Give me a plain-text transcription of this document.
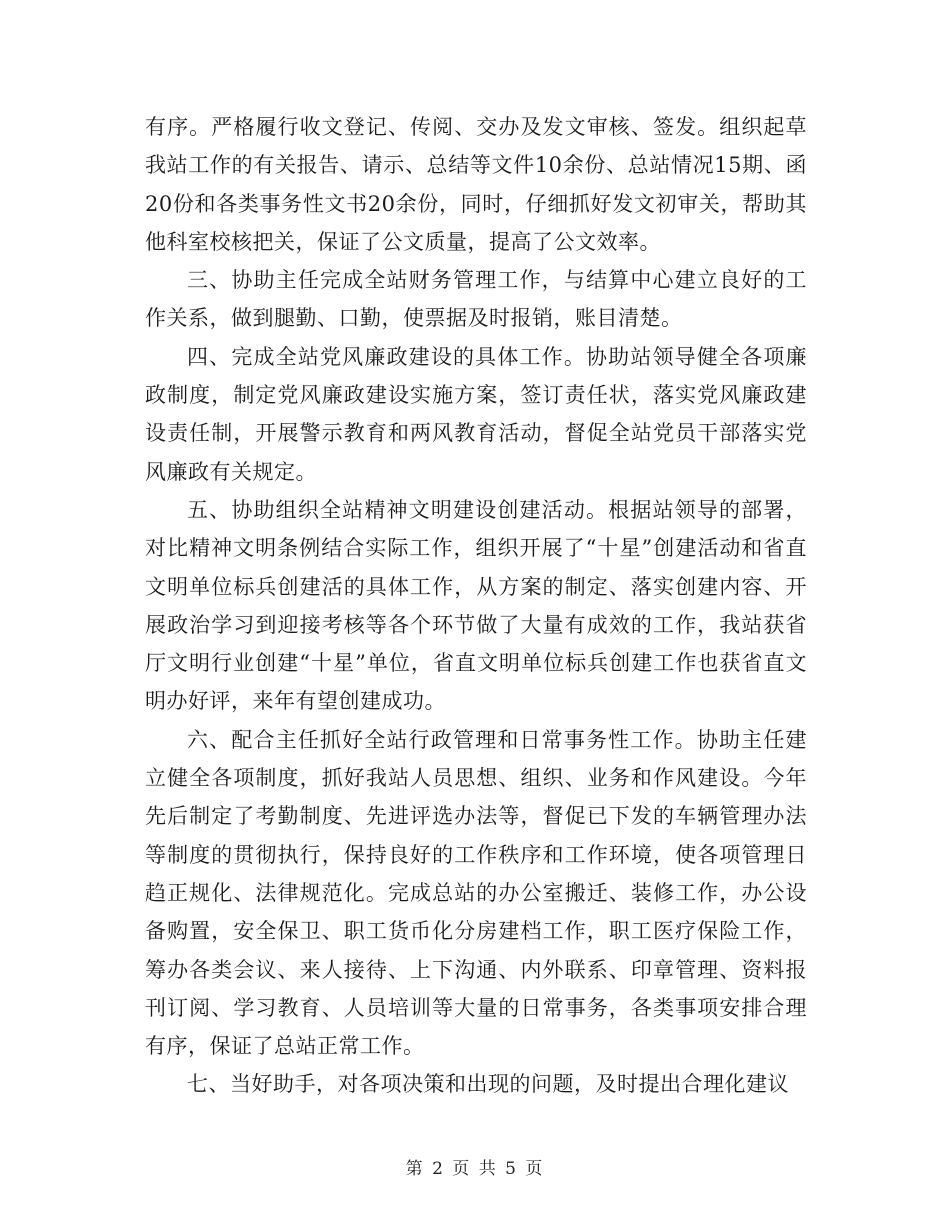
有序。严格履行收文登记、传阅、交办及发文审核、签发。组织起草我站工作的有关报告、请示、总结等文件10余份、总站情况15期、函20份和各类事务性文书20余份，同时，仔细抓好发文初审关，帮助其他科室校核把关，保证了公文质量，提高了公文效率。

三、协助主任完成全站财务管理工作，与结算中心建立良好的工作关系，做到腿勤、口勤，使票据及时报销，账目清楚。

四、完成全站党风廉政建设的具体工作。协助站领导健全各项廉政制度，制定党风廉政建设实施方案，签订责任状，落实党风廉政建设责任制，开展警示教育和两风教育活动，督促全站党员干部落实党风廉政有关规定。

五、协助组织全站精神文明建设创建活动。根据站领导的部署，对比精神文明条例结合实际工作，组织开展了“十星”创建活动和省直文明单位标兵创建活的具体工作，从方案的制定、落实创建内容、开展政治学习到迎接考核等各个环节做了大量有成效的工作，我站获省厅文明行业创建“十星”单位，省直文明单位标兵创建工作也获省直文明办好评，来年有望创建成功。

六、配合主任抓好全站行政管理和日常事务性工作。协助主任建立健全各项制度，抓好我站人员思想、组织、业务和作风建设。今年先后制定了考勤制度、先进评选办法等，督促已下发的车辆管理办法等制度的贯彻执行，保持良好的工作秩序和工作环境，使各项管理日趋正规化、法律规范化。完成总站的办公室搬迁、装修工作，办公设备购置，安全保卫、职工货币化分房建档工作，职工医疗保险工作，筹办各类会议、来人接待、上下沟通、内外联系、印章管理、资料报刊订阅、学习教育、人员培训等大量的日常事务，各类事项安排合理有序，保证了总站正常工作。

七、当好助手，对各项决策和出现的问题，及时提出合理化建议

第 2 页 共 5 页
